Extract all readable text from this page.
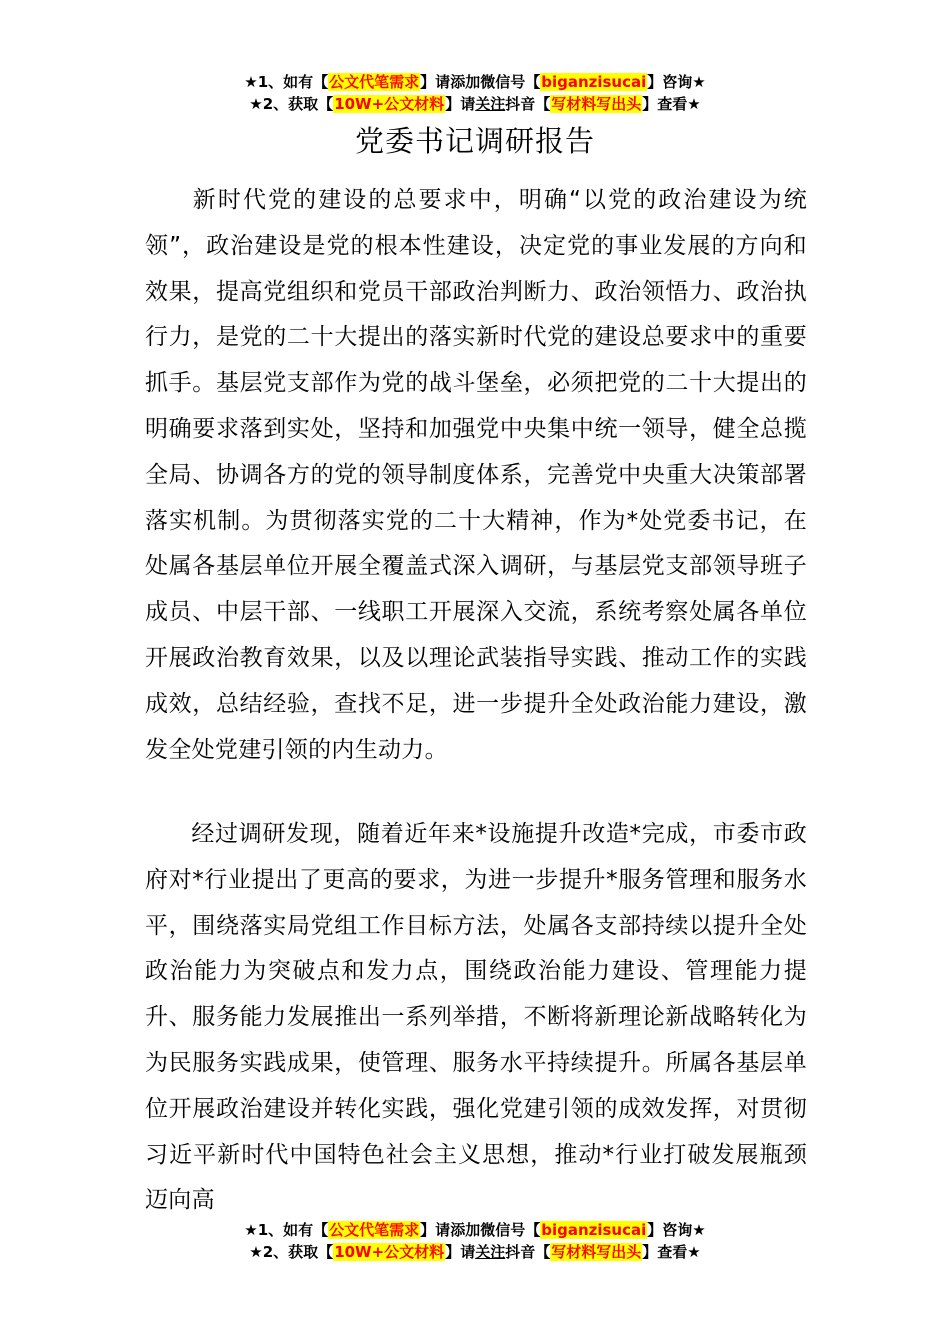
★1、如有【公文代笔需求】请添加微信号【biganzisucai】咨询★
★2、获取【10W+公文材料】请关注抖音【写材料写出头】查看★
党委书记调研报告
新时代党的建设的总要求中，明确“以党的政治建设为统领”，政治建设是党的根本性建设，决定党的事业发展的方向和效果，提高党组织和党员干部政治判断力、政治领悟力、政治执行力，是党的二十大提出的落实新时代党的建设总要求中的重要抓手。基层党支部作为党的战斗堡垒，必须把党的二十大提出的明确要求落到实处，坚持和加强党中央集中统一领导，健全总揽全局、协调各方的党的领导制度体系，完善党中央重大决策部署落实机制。为贯彻落实党的二十大精神，作为*处党委书记，在处属各基层单位开展全覆盖式深入调研，与基层党支部领导班子成员、中层干部、一线职工开展深入交流，系统考察处属各单位开展政治教育效果，以及以理论武装指导实践、推动工作的实践成效，总结经验，查找不足，进一步提升全处政治能力建设，激发全处党建引领的内生动力。
经过调研发现，随着近年来*设施提升改造*完成，市委市政府对*行业提出了更高的要求，为进一步提升*服务管理和服务水平，围绕落实局党组工作目标方法，处属各支部持续以提升全处政治能力为突破点和发力点，围绕政治能力建设、管理能力提升、服务能力发展推出一系列举措，不断将新理论新战略转化为为民服务实践成果，使管理、服务水平持续提升。所属各基层单位开展政治建设并转化实践，强化党建引领的成效发挥，对贯彻习近平新时代中国特色社会主义思想，推动*行业打破发展瓶颈迈向高
★1、如有【公文代笔需求】请添加微信号【biganzisucai】咨询★
★2、获取【10W+公文材料】请关注抖音【写材料写出头】查看★
